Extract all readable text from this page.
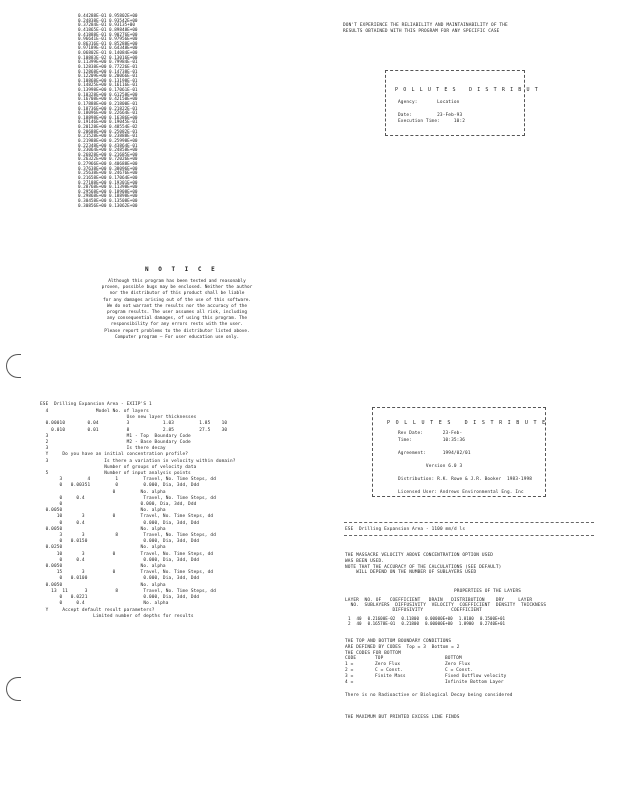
0.44288E-01 0.95802E+00
0.24838E-01 0.93542E+00
0.37284E-01 0.93135+00
0.41865E-01 0.89848E+00
0.41888E-01 0.90276E+00
0.96641E-01 0.97956E+00
0.86316E-01 0.85288E+00
0.97189E-01 0.64348E+00
0.06802E-01 0.14084E+00
0.10883E-02 0.13016E+00
0.11399E+00 0.79984E-01
0.12838E+00 0.77226E-01
0.12868E+00 0.14738E-01
0.12209E+00 0.20066E-01
0.10868E+00 0.13198E-01
0.14825E+00 0.16116E-01
0.13998E+00 0.17061E-01
0.10328E+00 0.61258E+00
0.16708E+00 0.42150E+00
0.17888E+00 0.21800E-01
0.18736E+00 0.21822E-01
0.18096E+00 0.22664E-01
0.18898E+00 0.16386E+00
0.19146E+00 0.19045E-01
0.20128E+00 0.48554E-02
0.20688E+00 0.25082E-01
0.21528E+00 0.23888E-01
0.21988E+00 0.25998E+00
0.22348E+00 0.43864E-01
0.23064E+00 0.24858E+00
0.26828E+00 0.21685E+00
0.26322E+00 0.72026E+00
0.27966E+00 0.40688E+00
0.37638E+00 0.38096E+00
0.25638E+00 0.24676E+00
0.21658E+00 0.17064E+00
0.27188E+00 0.19301E+00
0.28768E+00 0.11398E+00
0.29568E+00 0.18908E+00
0.29868E+00 0.18898E+00
0.30458E+00 0.13508E+00
0.30856E+00 0.13062E+00

DON'T EXPERIENCE THE RELIABILITY AND MAINTAINABILITY OF THE
RESULTS OBTAINED WITH THIS PROGRAM FOR ANY SPECIFIC CASE
P O L L U T E S   D I S T R I B U T
Agency:       Location
Date:         23-Feb-93
Execution Time:     10:2
N O T I C E
Although this program has been tested and reasonably
proven, possible bugs may be enclosed. Neither the author
nor the distributor of this product shall be liable
for any damages arising out of the use of this software.
We do not warrant the results nor the accuracy of the
program results. The user assumes all risk, including
any consequential damages, of using this program. The
responsibility for any errors rests with the user.
Please report problems to the distributor listed above.
Computer program — For user education use only.
ESE  Drilling Expansion Area - EXIIP'S 1
4                 Model No. of layers
Use new layer thicknesses
0.00010        0.04          3            1.03         1.85    10
0.010        0.01          8            2.85         27.5    30
3                            M1 - Top  Boundary Code
2                            M2 - Base Boundary Code
3                            Is there decay
Y     Do you have an initial concentration profile?
3                    Is there a variation in velocity within domain?
Number of groups of velocity data
5                    Number of input analysis points
3         4         1         Travel, No. Time Steps, dd
0   0.00351         0         0.000, Dia, 3dd, Ddd
0         No. alpha
0     0.4                     Travel, No. Time Steps, dd
0                            0.000, Dia, 3dd, Ddd
0.0050                            No. alpha
10       3          0         Travel, No. Time Steps, dd
0     0.4                     0.000, Dia, 3dd, Ddd
0.0050                            No. alpha
3       3           8         Travel, No. Time Steps, dd
0   0.0150                    0.000, Dia, 3dd, Ddd
0.0250                            No. alpha
10       3          0         Travel, No. Time Steps, dd
0     0.4                     0.000, Dia, 3dd, Ddd
0.0050                            No. alpha
15       3          0         Travel, No. Time Steps, dd
0   0.0100                    0.000, Dia, 3dd, Ddd
0.0050                            No. alpha
13  11      3          8         Travel, No. Time Steps, dd
0   0.0221                    0.000, Dia, 3dd, Ddd
0     0.4                     No. alpha
Y     Accept default result parameters?
Limited number of depths for results
P O L L U T E S   D I S T R I B U T E
Rev Date:       23-Feb-
Time:           10:35:36

Agreement:      1994/02/01

Version 6.0 3

Distribution: R.K. Rowe & J.R. Booker  1983-1998

Licensed User: Andrews Environmental Eng. Inc
ESE  Drilling Expansion Area - 1100 mm/d ls
THE MASSACRE VELOCITY ABOVE CONCENTRATION OPTION USED
WAS BEEN USED.
NOTE THAT THE ACCURACY OF THE CALCULATIONS (SEE DEFAULT)
WILL DEPEND ON THE NUMBER OF SUBLAYERS USED
PROPERTIES OF THE LAYERS
LAYER  NO. OF   COEFFICIENT   DRAIN   DISTRIBUTION    DRY     LAYER
NO.  SUBLAYERS  DIFFUSIVITY  VELOCITY  COEFFICIENT  DENSITY  THICKNESS
DIFFUSIVITY          COEFFICIENT
1	40	0.21600E-02	0.11800	0.00000E+00	1.8100	0.1500E+01
2	40	0.16578E-01	0.21800	0.00000E+00	1.8900	0.2740E+01
THE TOP AND BOTTOM BOUNDARY CONDITIONS
ARE DEFINED BY CODES  Top = 3  Bottom = 2
THE CODES FOR BOTTOM
CODE	TOP	BOTTOM
1 =	Zero Flux	Zero Flux
2 =	C = Const.	C = Const.
3 =	Finite Mass	Fixed Outflow velocity
4 =	Infinite Bottom Layer
There is no Radioactive or Biological Decay being considered
THE MAXIMUM BUT PRINTED EXCESS LINE FINDS
